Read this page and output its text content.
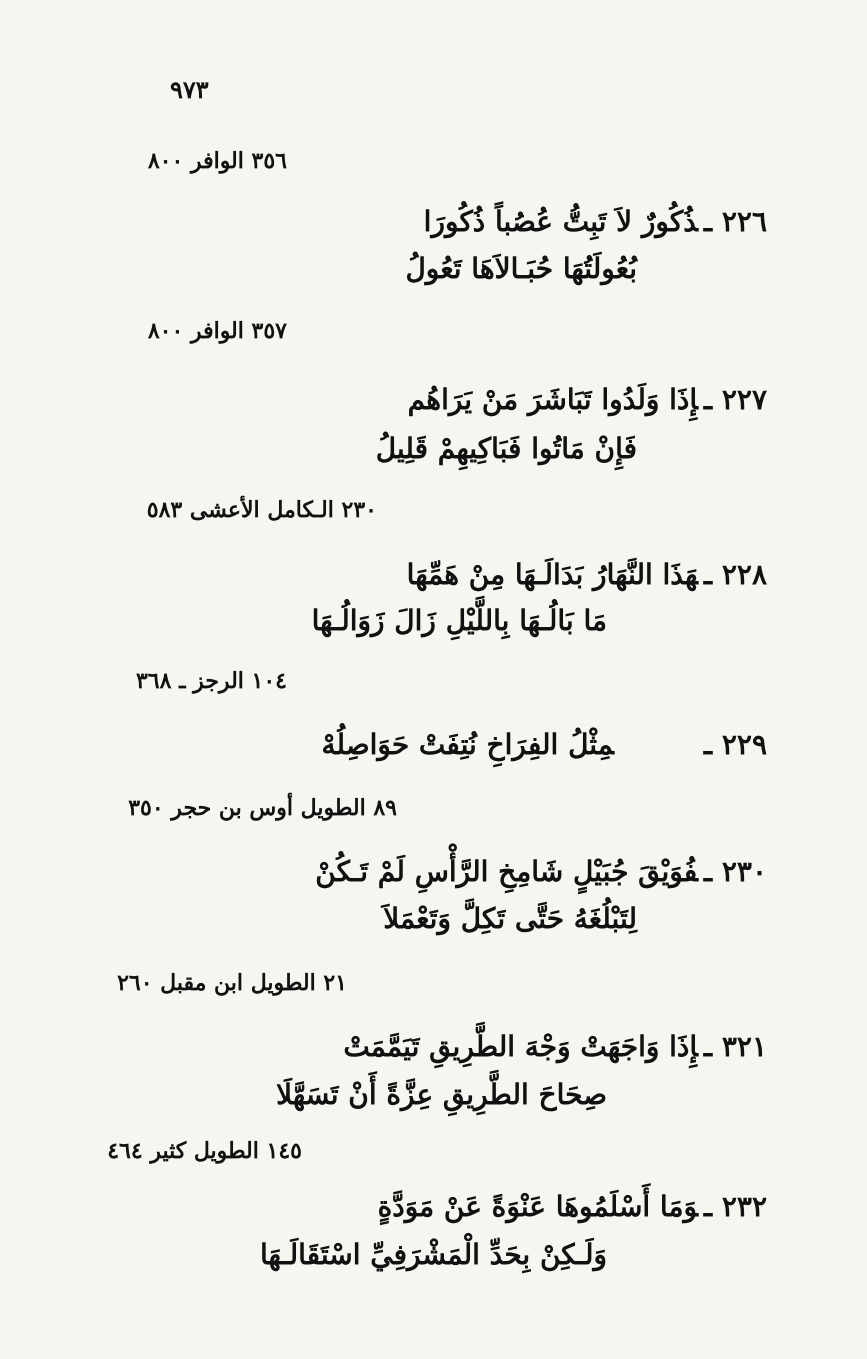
٩٧٣
٣٥٦ الوافر ٨٠٠
٢٢٦ ـذُكُورٌ لاَ تَبِتُّ عُصُباً ذُكُورَا
بُعُولَتُهَا حُبَـالاَهَا تَعُولُ
٣٥٧ الوافر ٨٠٠
٢٢٧ ـإِذَا وَلَدُوا تَبَاشَرَ مَنْ يَرَاهُم
فَإِنْ مَاتُوا فَبَاكِيهِمْ قَلِيلُ
٢٣٠ الـكامل الأعشى ٥٨٣
٢٢٨ ـهَذَا النَّهَارُ بَدَالَـهَا مِنْ هَمِّهَا
مَا بَالُـهَا بِاللَّيْلِ زَالَ زَوَالُـهَا
١٠٤ الرجز ـ ٣٦٨
٢٢٩ ـمِثْلُ الفِرَاخِ نُتِفَتْ حَوَاصِلُهْ
٨٩ الطويل أوس بن حجر ٣٥٠
٢٣٠ ـفُوَيْقَ جُبَيْلٍ شَامِخِ الرَّأْسِ لَمْ تَـكُنْ
لِتَبْلُغَهُ حَتَّى تَكِلَّ وَتَعْمَلاَ
٢١ الطويل ابن مقبل ٢٦٠
٣٢١ ـإِذَا وَاجَهَتْ وَجْهَ الطَّرِيقِ تَيَمَّمَتْ
صِحَاحَ الطَّرِيقِ عِزَّةً أَنْ تَسَهَّلَا
١٤٥ الطويل كثير ٤٦٤
٢٣٢ ـوَمَا أَسْلَمُوهَا عَنْوَةً عَنْ مَوَدَّةٍ
وَلَـكِنْ بِحَدِّ الْمَشْرَفِيِّ اسْتَقَالَـهَا
